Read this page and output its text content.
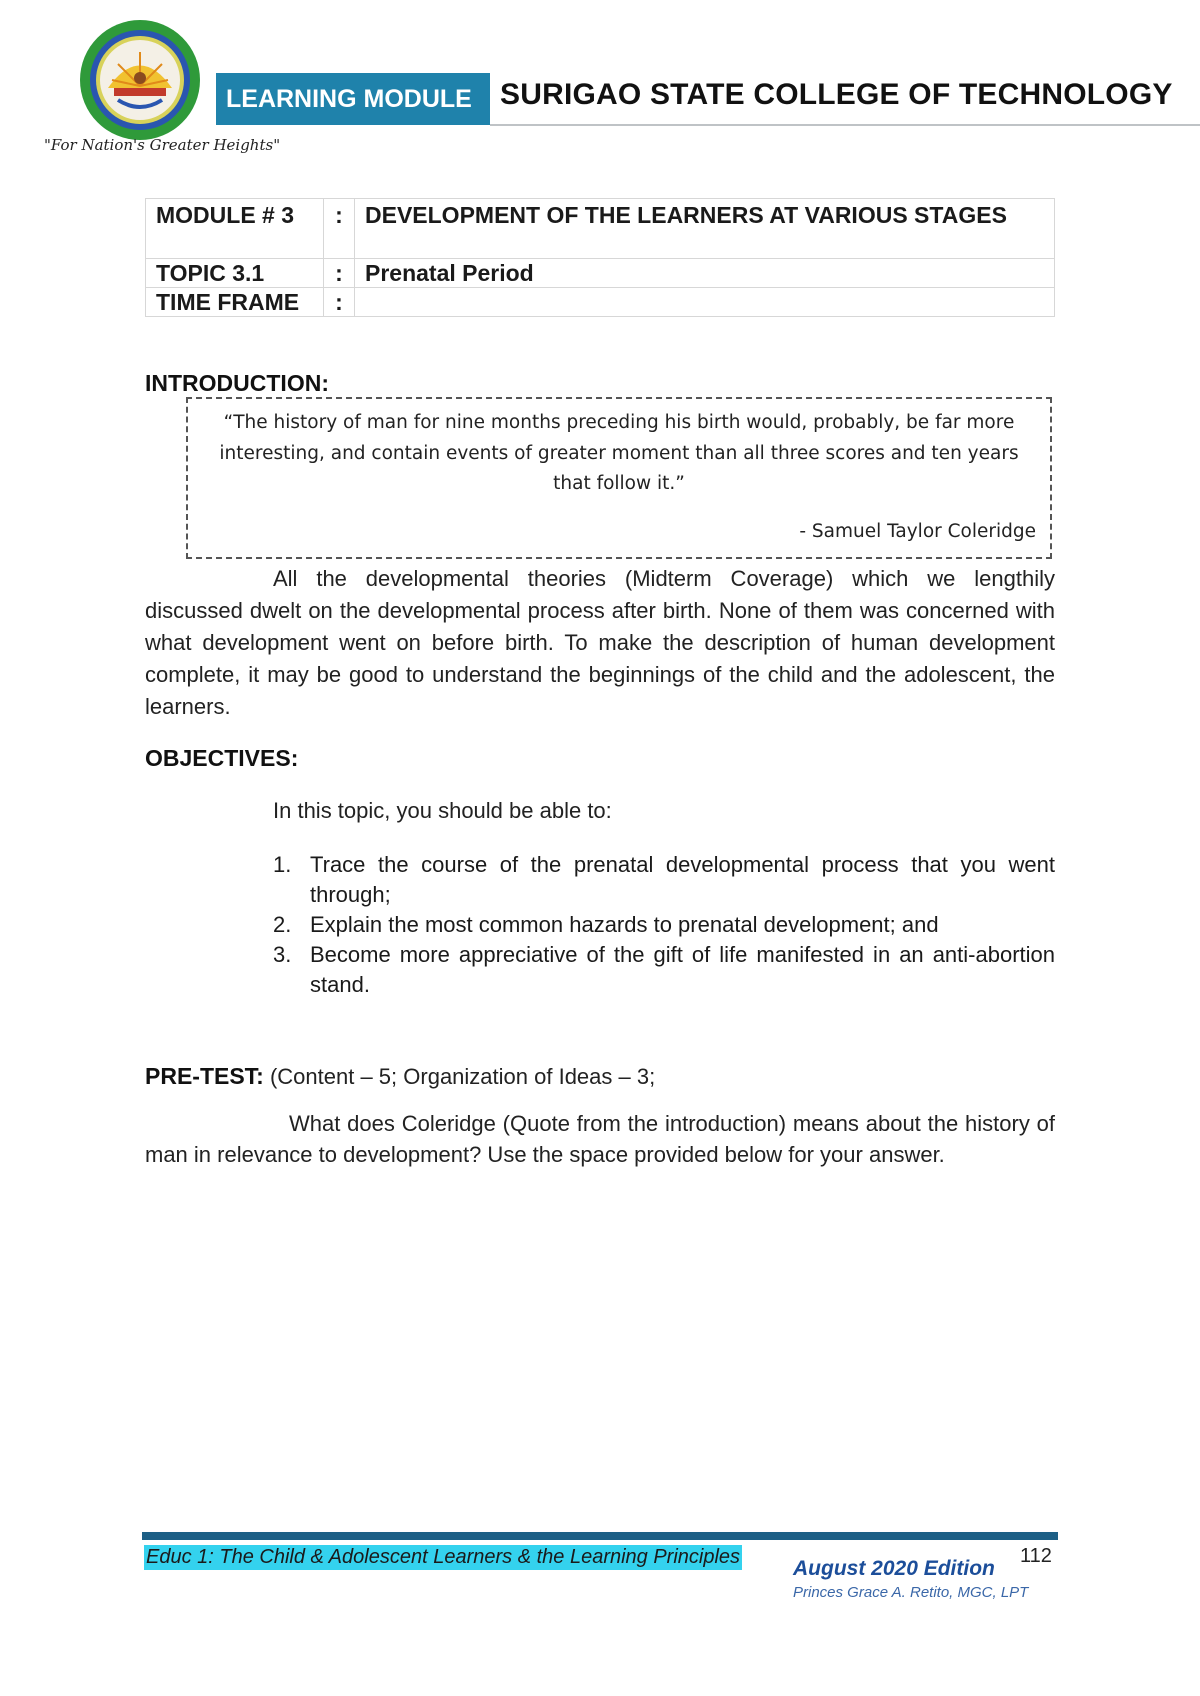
"For Nation's Greater Heights"
LEARNING MODULE SURIGAO STATE COLLEGE OF TECHNOLOGY
MODULE # 3	:	DEVELOPMENT OF THE LEARNERS AT VARIOUS STAGES
TOPIC 3.1	:	Prenatal Period
TIME FRAME	:	
INTRODUCTION:
“The history of man for nine months preceding his birth would, probably, be far more interesting, and contain events of greater moment than all three scores and ten years that follow it.”
- Samuel Taylor Coleridge
All the developmental theories (Midterm Coverage) which we lengthily discussed dwelt on the developmental process after birth. None of them was concerned with what development went on before birth. To make the description of human development complete, it may be good to understand the beginnings of the child and the adolescent, the learners.
OBJECTIVES:
In this topic, you should be able to:
1. Trace the course of the prenatal developmental process that you went through;
2. Explain the most common hazards to prenatal development; and
3. Become more appreciative of the gift of life manifested in an anti-abortion stand.
PRE-TEST: (Content – 5; Organization of Ideas – 3;
What does Coleridge (Quote from the introduction) means about the history of man in relevance to development? Use the space provided below for your answer.
Educ 1: The Child & Adolescent Learners & the Learning Principles	August 2020 Edition
Princes Grace A. Retito, MGC, LPT
112
